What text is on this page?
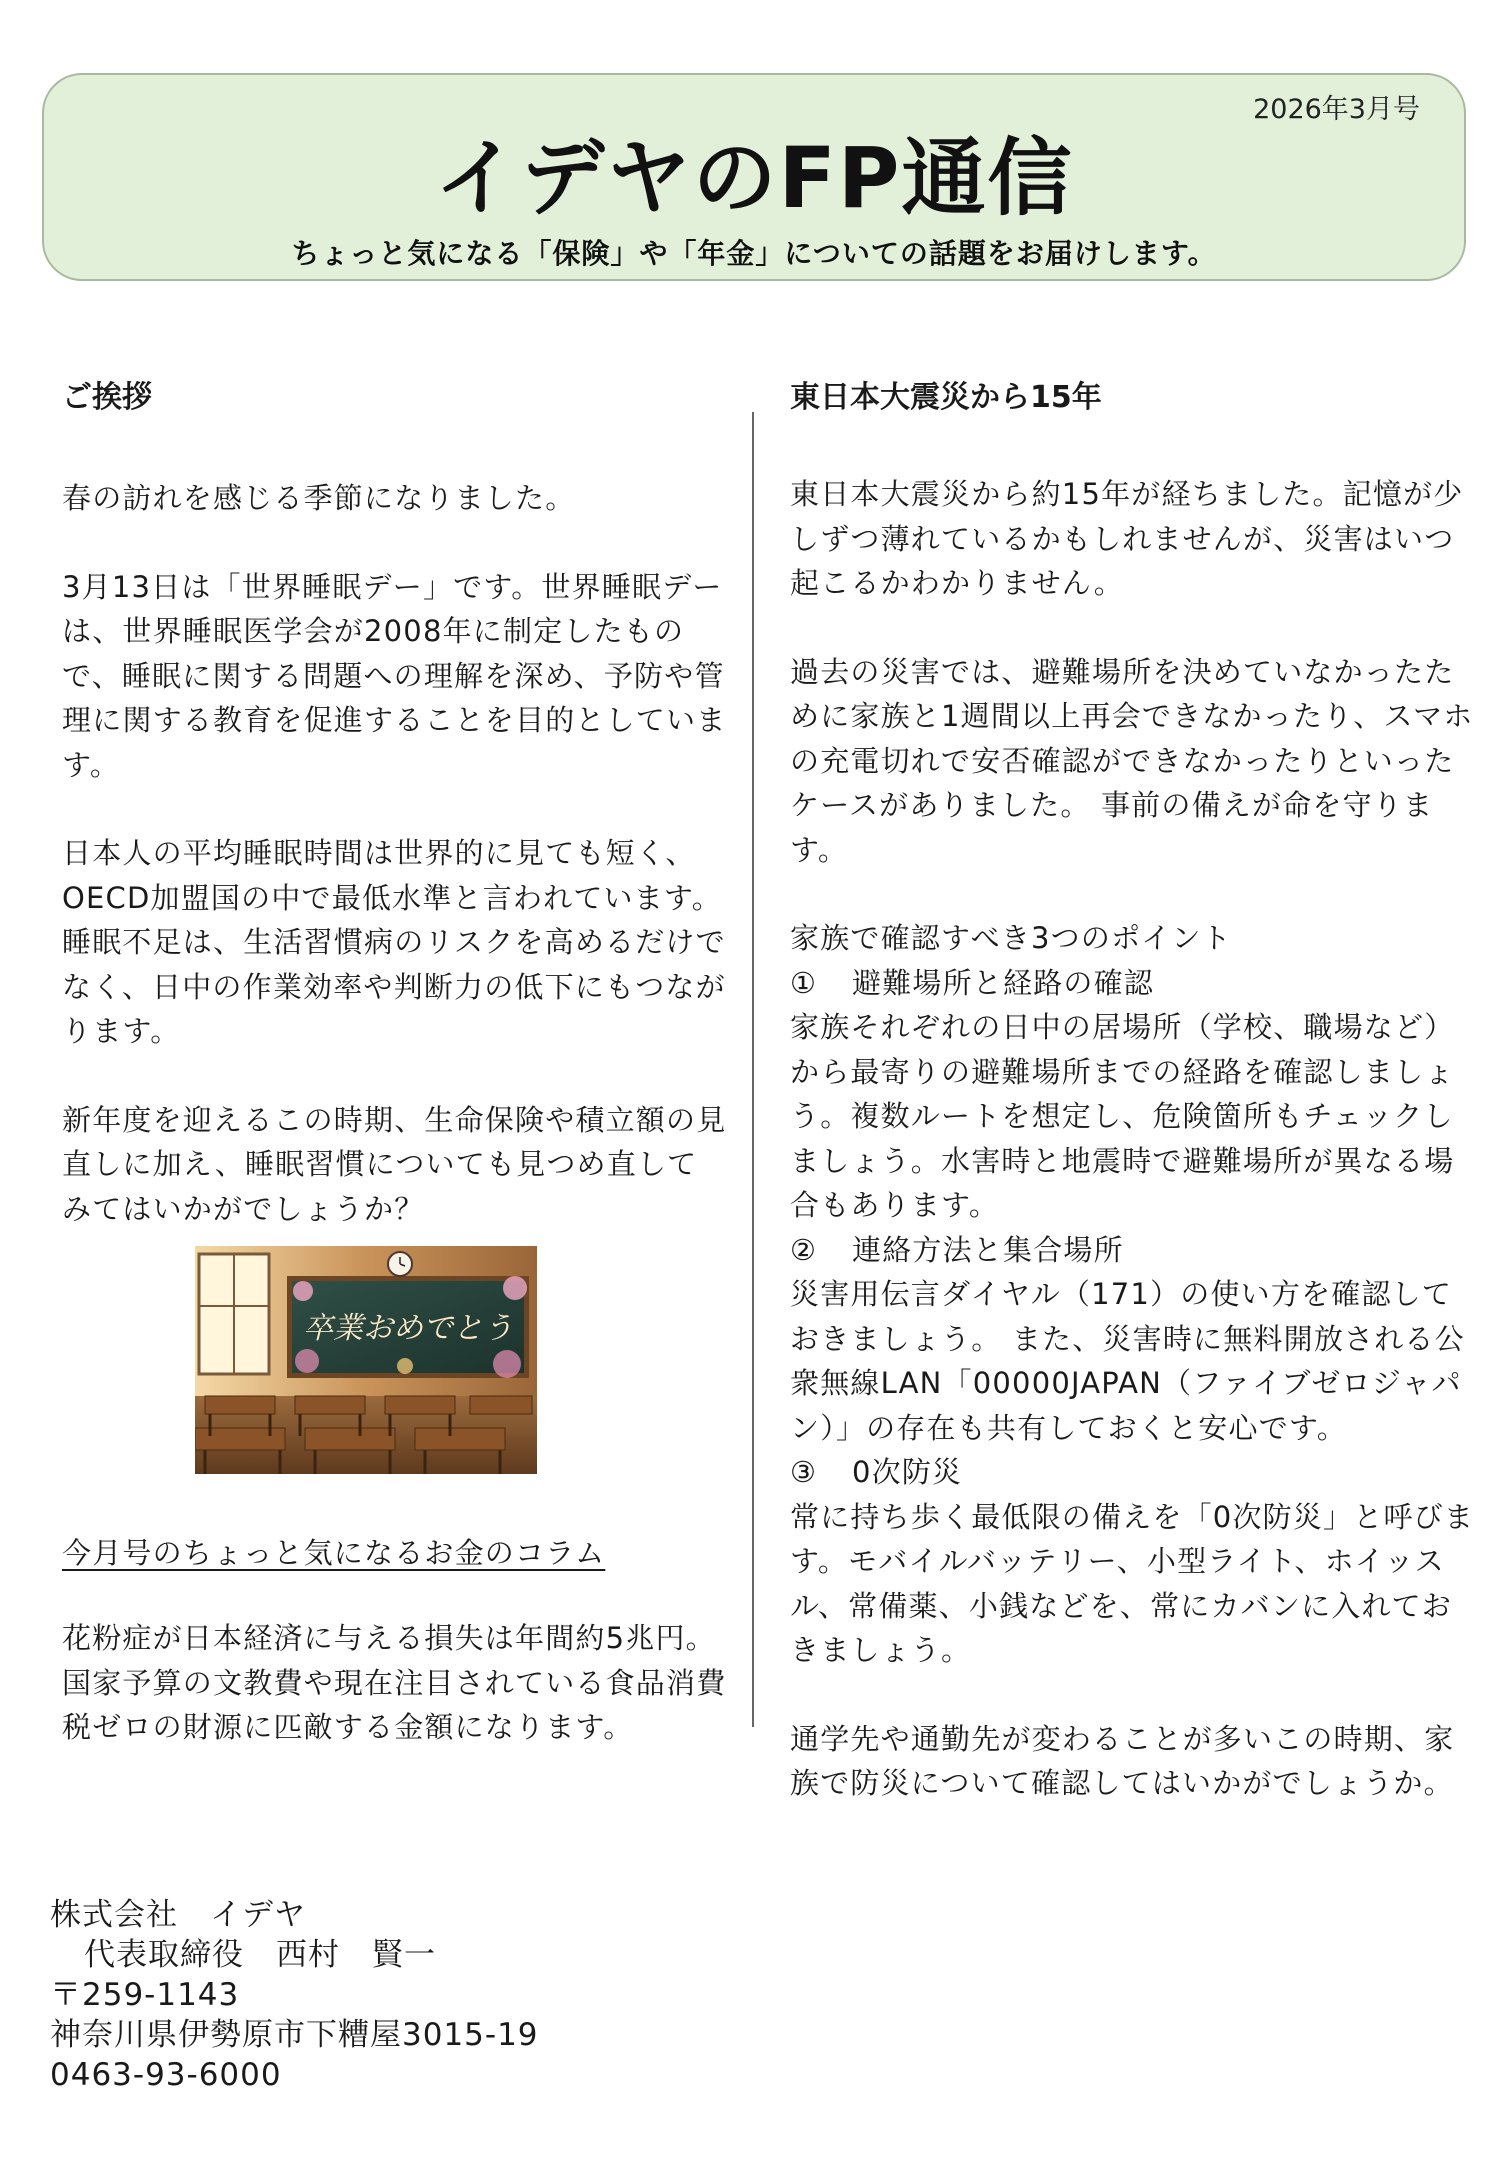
2026年3月号
イデヤのFP通信
ちょっと気になる「保険」や「年金」についての話題をお届けします。
ご挨拶

春の訪れを感じる季節になりました。

3月13日は「世界睡眠デー」です。世界睡眠デーは、世界睡眠医学会が2008年に制定したもので、睡眠に関する問題への理解を深め、予防や管理に関する教育を促進することを目的としています。

日本人の平均睡眠時間は世界的に見ても短く、OECD加盟国の中で最低水準と言われています。睡眠不足は、生活習慣病のリスクを高めるだけでなく、日中の作業効率や判断力の低下にもつながります。

新年度を迎えるこの時期、生命保険や積立額の見直しに加え、睡眠習慣についても見つめ直してみてはいかがでしょうか？

卒業おめでとう
今月号のちょっと気になるお金のコラム

花粉症が日本経済に与える損失は年間約5兆円。国家予算の文教費や現在注目されている食品消費税ゼロの財源に匹敵する金額になります。

東日本大震災から15年

東日本大震災から約15年が経ちました。記憶が少しずつ薄れているかもしれませんが、災害はいつ起こるかわかりません。

過去の災害では、避難場所を決めていなかったために家族と1週間以上再会できなかったり、スマホの充電切れで安否確認ができなかったりといったケースがありました。 事前の備えが命を守ります。

家族で確認すべき3つのポイント
① 避難場所と経路の確認

家族それぞれの日中の居場所（学校、職場など）から最寄りの避難場所までの経路を確認しましょう。複数ルートを想定し、危険箇所もチェックしましょう。水害時と地震時で避難場所が異なる場合もあります。

② 連絡方法と集合場所

災害用伝言ダイヤル（171）の使い方を確認しておきましょう。 また、災害時に無料開放される公衆無線LAN「00000JAPAN（ファイブゼロジャパン）」の存在も共有しておくと安心です。

③ 0次防災

常に持ち歩く最低限の備えを「0次防災」と呼びます。モバイルバッテリー、小型ライト、ホイッスル、常備薬、小銭などを、常にカバンに入れておきましょう。

通学先や通勤先が変わることが多いこの時期、家族で防災について確認してはいかがでしょうか。

株式会社　イデヤ
代表取締役　西村　賢一
〒259-1143
神奈川県伊勢原市下糟屋3015-19
0463-93-6000
